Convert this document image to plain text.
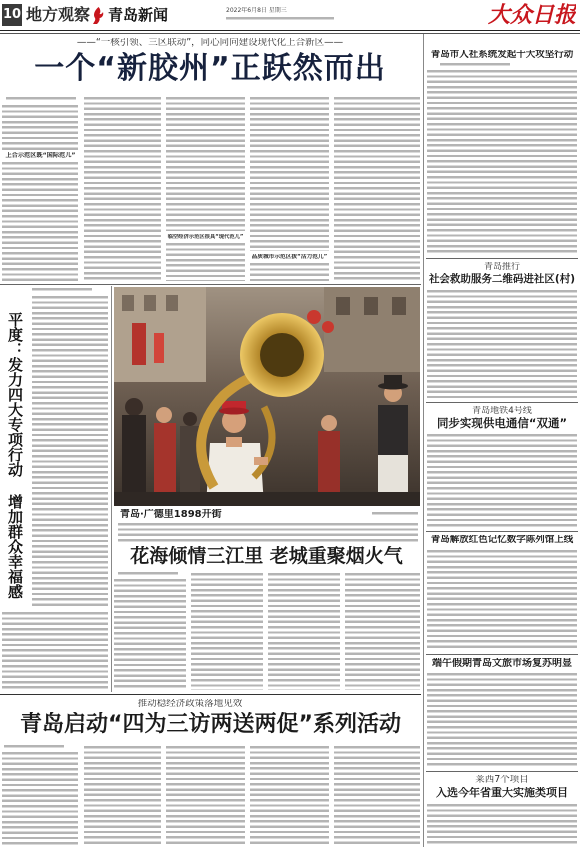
10 地方观察 青岛新闻	2022年6月8日 星期三	大众日报
——“一核引领、三区联动”，同心同向建设现代化上合新区——
一个“新胶州”正跃然而出
上合示范区既“国际范儿”
临空经济示范区很具“现代范儿”
品质城市示范区拔“活力范儿”
平度：发力四大专项行动
增加群众幸福感	青岛·广德里1898开街
花海倾情三江里 老城重聚烟火气
推动稳经济政策落地见效
青岛启动“四为三访两送两促”系列活动
青岛市人社系统发起十大攻坚行动
青岛推行
社会救助服务二维码进社区(村)
青岛地铁4号线
同步实现供电通信“双通”
青岛解放红色记忆数字陈列馆上线
端午假期青岛文旅市场复苏明显
莱西7个项目
入选今年省重大实施类项目
